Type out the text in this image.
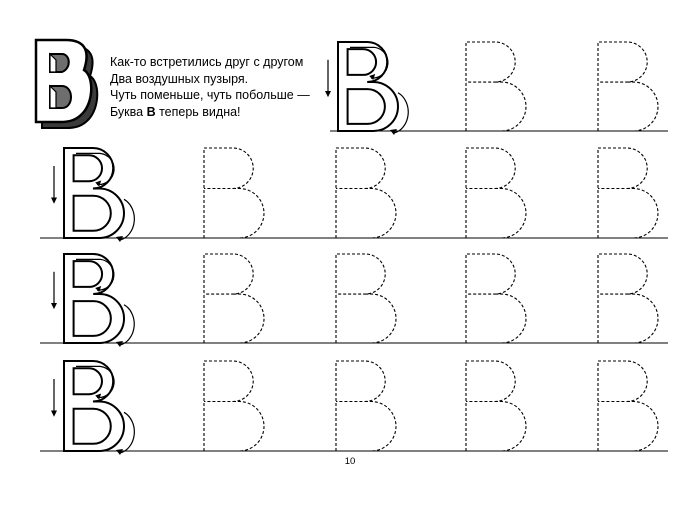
Как-то встретились друг с другом
Два воздушных пузыря.
Чуть поменьше, чуть побольше —
Буква В теперь видна!
10
